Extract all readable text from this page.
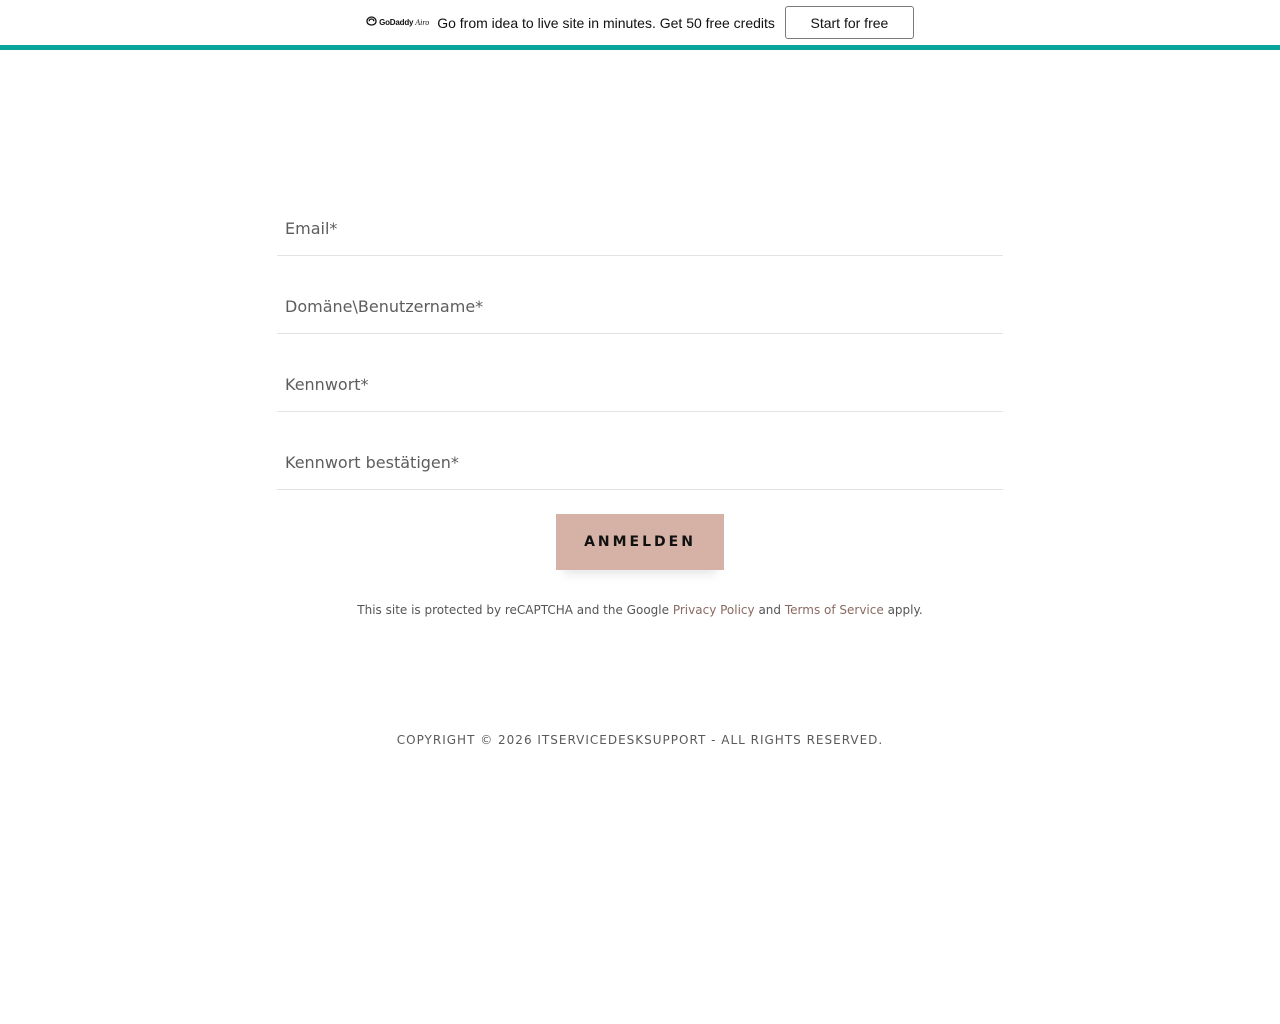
GoDaddy Airo Go from idea to live site in minutes. Get 50 free credits	Start for free
Email*
Domäne\Benutzername*
Kennwort*
Kennwort bestätigen*
ANMELDEN
This site is protected by reCAPTCHA and the Google Privacy Policy and Terms of Service apply.
COPYRIGHT © 2026 ITSERVICEDESKSUPPORT - ALL RIGHTS RESERVED.
